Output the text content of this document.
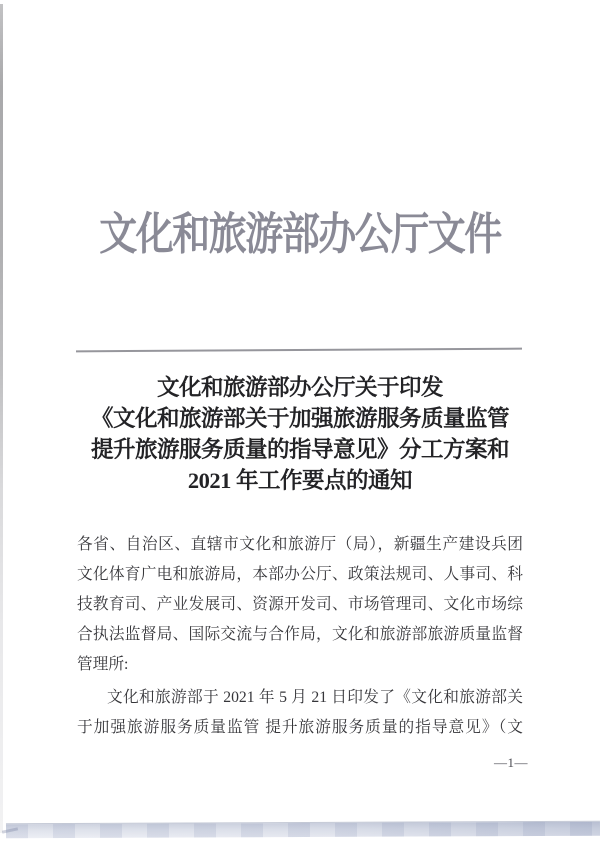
文化和旅游部办公厅文件
文化和旅游部办公厅关于印发
《文化和旅游部关于加强旅游服务质量监管
提升旅游服务质量的指导意见》分工方案和
2021 年工作要点的通知
各省、自治区、直辖市文化和旅游厅（局），新疆生产建设兵团
文化体育广电和旅游局，本部办公厅、政策法规司、人事司、科
技教育司、产业发展司、资源开发司、市场管理司、文化市场综
合执法监督局、国际交流与合作局，文化和旅游部旅游质量监督
管理所:
文化和旅游部于 2021 年 5 月 21 日印发了《文化和旅游部关
于加强旅游服务质量监管 提升旅游服务质量的指导意见》（文
—1—
